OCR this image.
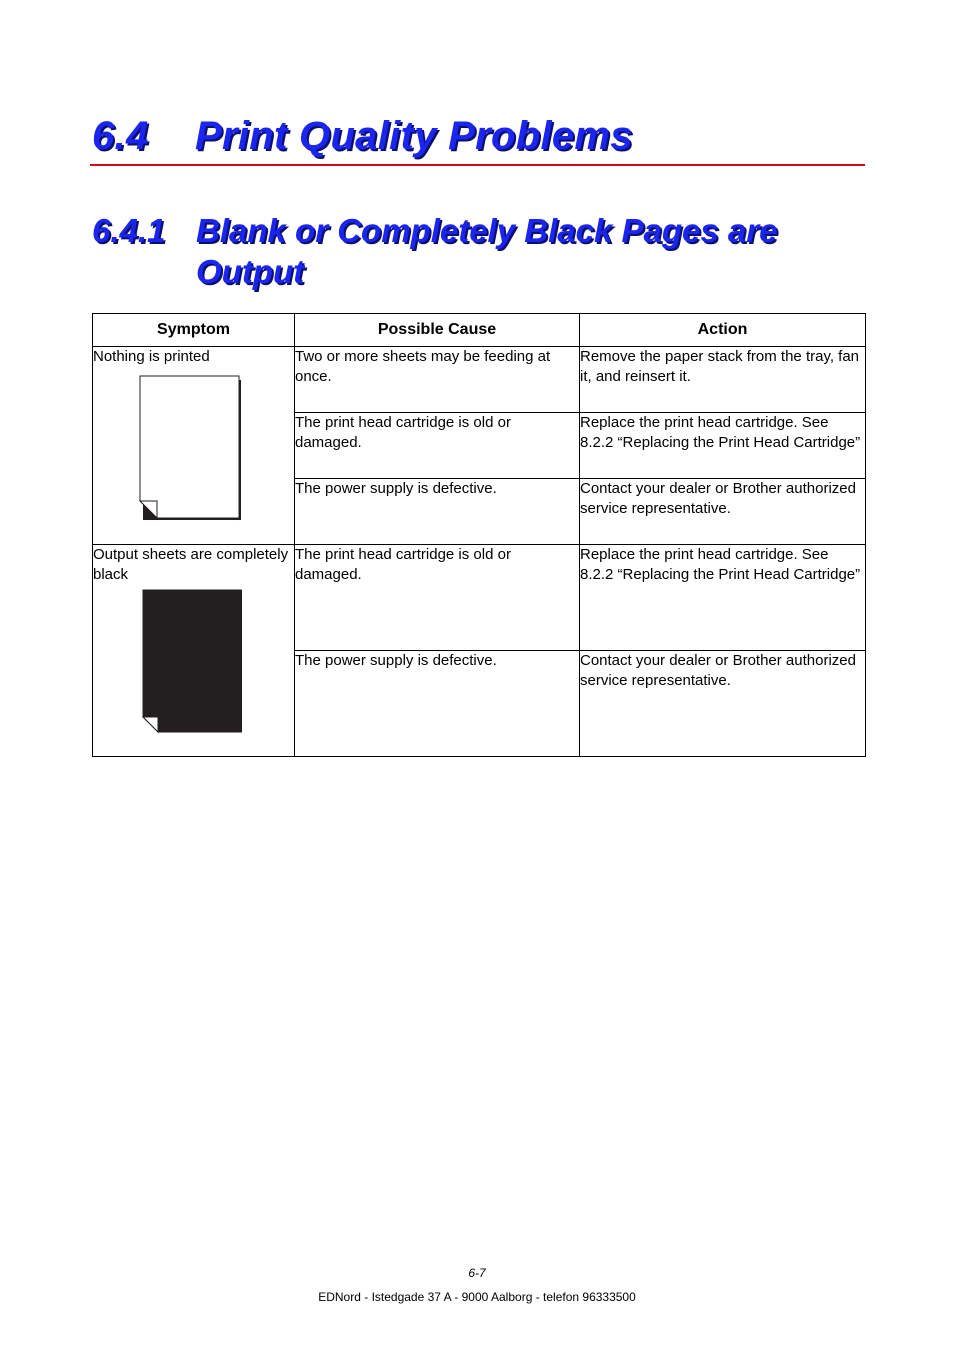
6.4 Print Quality Problems
6.4.1 Blank or Completely Black Pages are Output
Symptom	Possible Cause	Action

Nothing is printed	Two or more sheets may be feeding at once.	Remove the paper stack from the tray, fan it, and reinsert it.
	The print head cartridge is old or damaged.	Replace the print head cartridge. See 8.2.2 “Replacing the Print Head Cartridge”
	The power supply is defective.	Contact your dealer or Brother authorized service representative.

Output sheets are completely black	The print head cartridge is old or damaged.	Replace the print head cartridge. See 8.2.2 “Replacing the Print Head Cartridge”
	The power supply is defective.	Contact your dealer or Brother authorized service representative.
6-7
EDNord - Istedgade 37 A - 9000 Aalborg - telefon 96333500
